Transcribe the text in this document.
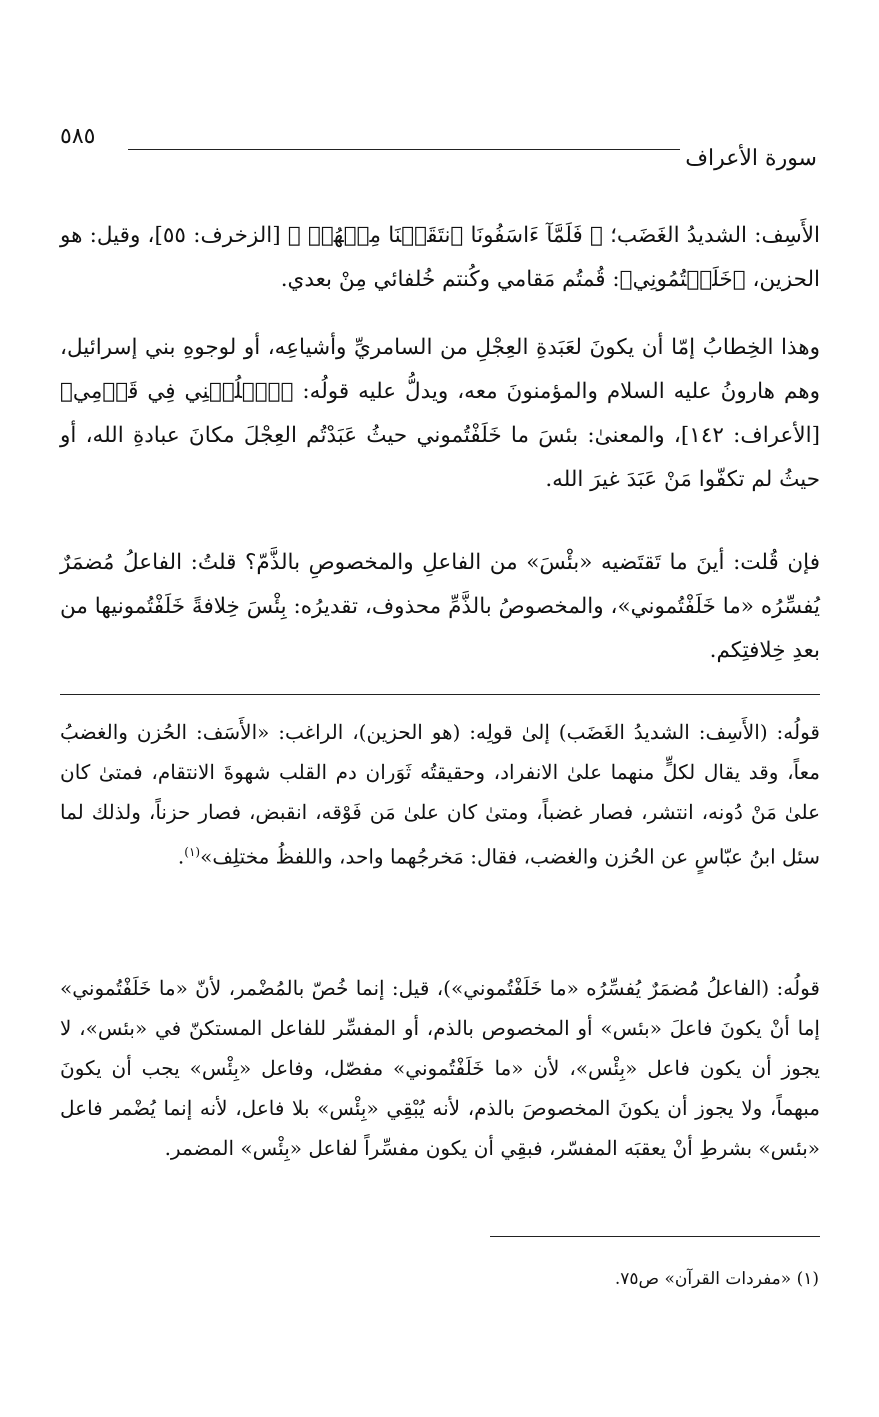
٥٨٥
سورة الأعراف
الأَسِف: الشديدُ الغَضَب؛ ﴿ فَلَمَّآ ءَاسَفُونَا ٱنتَقَمۡنَا مِنۡهُمۡ ﴾ [الزخرف: ٥٥]، وقيل: هو الحزين، ﴿خَلَفۡتُمُونِي﴾: قُمتُم مَقامي وكُنتم خُلفائي مِنْ بعدي.
وهذا الخِطابُ إمّا أن يكونَ لعَبَدةِ العِجْلِ من السامريِّ وأشياعِه، أو لوجوهِ بني إسرائيل، وهم هارونُ عليه السلام والمؤمنونَ معه، ويدلُّ عليه قولُه: ﴿ٱخۡلُفۡنِي فِي قَوۡمِي﴾ [الأعراف: ١٤٢]، والمعنىٰ: بئسَ ما خَلَفْتُموني حيثُ عَبَدْتُم العِجْلَ مكانَ عبادةِ الله، أو حيثُ لم تكفّوا مَنْ عَبَدَ غيرَ الله.
فإن قُلت: أينَ ما تَقتَضيه «بئْسَ» من الفاعلِ والمخصوصِ بالذَّمّ؟ قلتُ: الفاعلُ مُضمَرٌ يُفسِّرُه «ما خَلَفْتُموني»، والمخصوصُ بالذَّمِّ محذوف، تقديرُه: بِئْسَ خِلافةً خَلَفْتُمونيها من بعدِ خِلافتِكم.
قولُه: (الأَسِف: الشديدُ الغَضَب) إلىٰ قولِه: (هو الحزين)، الراغب: «الأَسَف: الحُزن والغضبُ معاً، وقد يقال لكلٍّ منهما علىٰ الانفراد، وحقيقتُه ثَوَران دم القلب شهوةَ الانتقام، فمتىٰ كان علىٰ مَنْ دُونه، انتشر، فصار غضباً، ومتىٰ كان علىٰ مَن فَوْقه، انقبض، فصار حزناً، ولذلك لما سئل ابنُ عبّاسٍ عن الحُزن والغضب، فقال: مَخرجُهما واحد، واللفظُ مختلِف»$^{(١)}$.
قولُه: (الفاعلُ مُضمَرٌ يُفسِّرُه «ما خَلَفْتُموني»)، قيل: إنما خُصّ بالمُضْمر، لأنّ «ما خَلَفْتُموني» إما أنْ يكونَ فاعلَ «بئس» أو المخصوص بالذم، أو المفسِّر للفاعل المستكنّ في «بئس»، لا يجوز أن يكون فاعل «بِئْس»، لأن «ما خَلَفْتُموني» مفصّل، وفاعل «بِئْس» يجب أن يكونَ مبهماً، ولا يجوز أن يكونَ المخصوصَ بالذم، لأنه يُبْقِي «بِئْس» بلا فاعل، لأنه إنما يُضْمر فاعل «بئس» بشرطِ أنْ يعقبَه المفسّر، فبقِي أن يكون مفسِّراً لفاعل «بِئْس» المضمر.
(١) «مفردات القرآن» ص٧٥.
